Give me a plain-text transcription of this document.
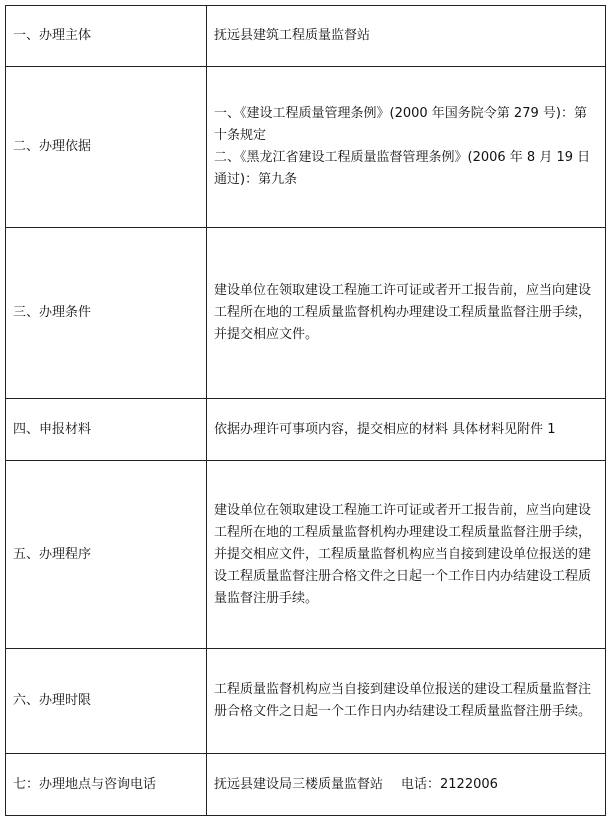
一、办理主体	抚远县建筑工程质量监督站

二、办理依据	一、《建设工程质量管理条例》(2000 年国务院令第 279 号)：第十条规定
二、《黑龙江省建设工程质量监督管理条例》(2006 年 8 月 19 日通过)：第九条

三、办理条件	建设单位在领取建设工程施工许可证或者开工报告前，应当向建设工程所在地的工程质量监督机构办理建设工程质量监督注册手续，并提交相应文件。

四、申报材料	依据办理许可事项内容，提交相应的材料 具体材料见附件 1

五、办理程序	建设单位在领取建设工程施工许可证或者开工报告前，应当向建设工程所在地的工程质量监督机构办理建设工程质量监督注册手续，并提交相应文件，工程质量监督机构应当自接到建设单位报送的建设工程质量监督注册合格文件之日起一个工作日内办结建设工程质量监督注册手续。

六、办理时限	工程质量监督机构应当自接到建设单位报送的建设工程质量监督注册合格文件之日起一个工作日内办结建设工程质量监督注册手续。

七：办理地点与咨询电话	抚远县建设局三楼质量监督站 电话：2122006
